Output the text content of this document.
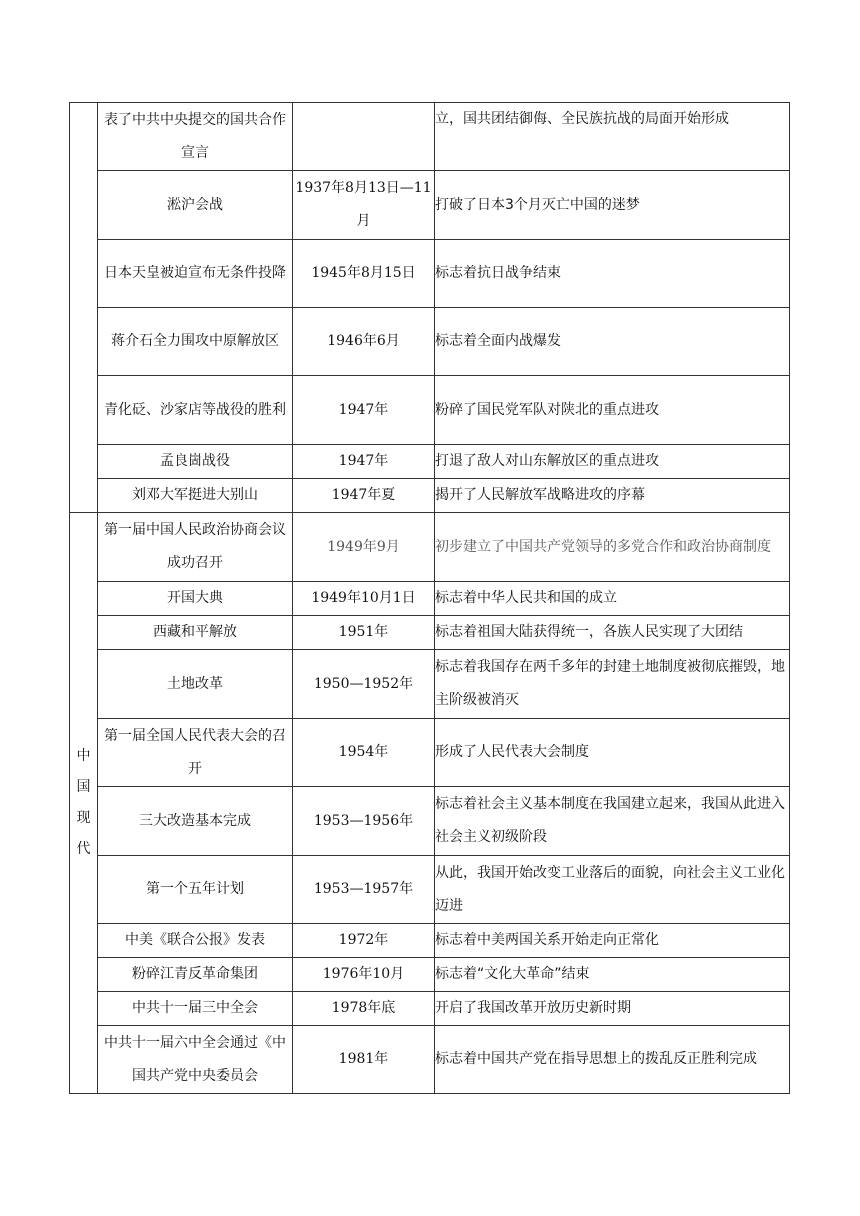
	表了中共中央提交的国共合作宣言		立，国共团结御侮、全民族抗战的局面开始形成
	淞沪会战	1937年8月13日—11月	打破了日本3个月灭亡中国的迷梦
	日本天皇被迫宣布无条件投降	1945年8月15日	标志着抗日战争结束
	蒋介石全力围攻中原解放区	1946年6月	标志着全面内战爆发
	青化砭、沙家店等战役的胜利	1947年	粉碎了国民党军队对陕北的重点进攻
	孟良崮战役	1947年	打退了敌人对山东解放区的重点进攻
	刘邓大军挺进大别山	1947年夏	揭开了人民解放军战略进攻的序幕
中国现代	第一届中国人民政治协商会议成功召开	1949年9月	初步建立了中国共产党领导的多党合作和政治协商制度
	开国大典	1949年10月1日	标志着中华人民共和国的成立
	西藏和平解放	1951年	标志着祖国大陆获得统一，各族人民实现了大团结
	土地改革	1950—1952年	标志着我国存在两千多年的封建土地制度被彻底摧毁，地主阶级被消灭
	第一届全国人民代表大会的召开	1954年	形成了人民代表大会制度
	三大改造基本完成	1953—1956年	标志着社会主义基本制度在我国建立起来，我国从此进入社会主义初级阶段
	第一个五年计划	1953—1957年	从此，我国开始改变工业落后的面貌，向社会主义工业化迈进
	中美《联合公报》发表	1972年	标志着中美两国关系开始走向正常化
	粉碎江青反革命集团	1976年10月	标志着“文化大革命”结束
	中共十一届三中全会	1978年底	开启了我国改革开放历史新时期
	中共十一届六中全会通过《中国共产党中央委员会	1981年	标志着中国共产党在指导思想上的拨乱反正胜利完成
